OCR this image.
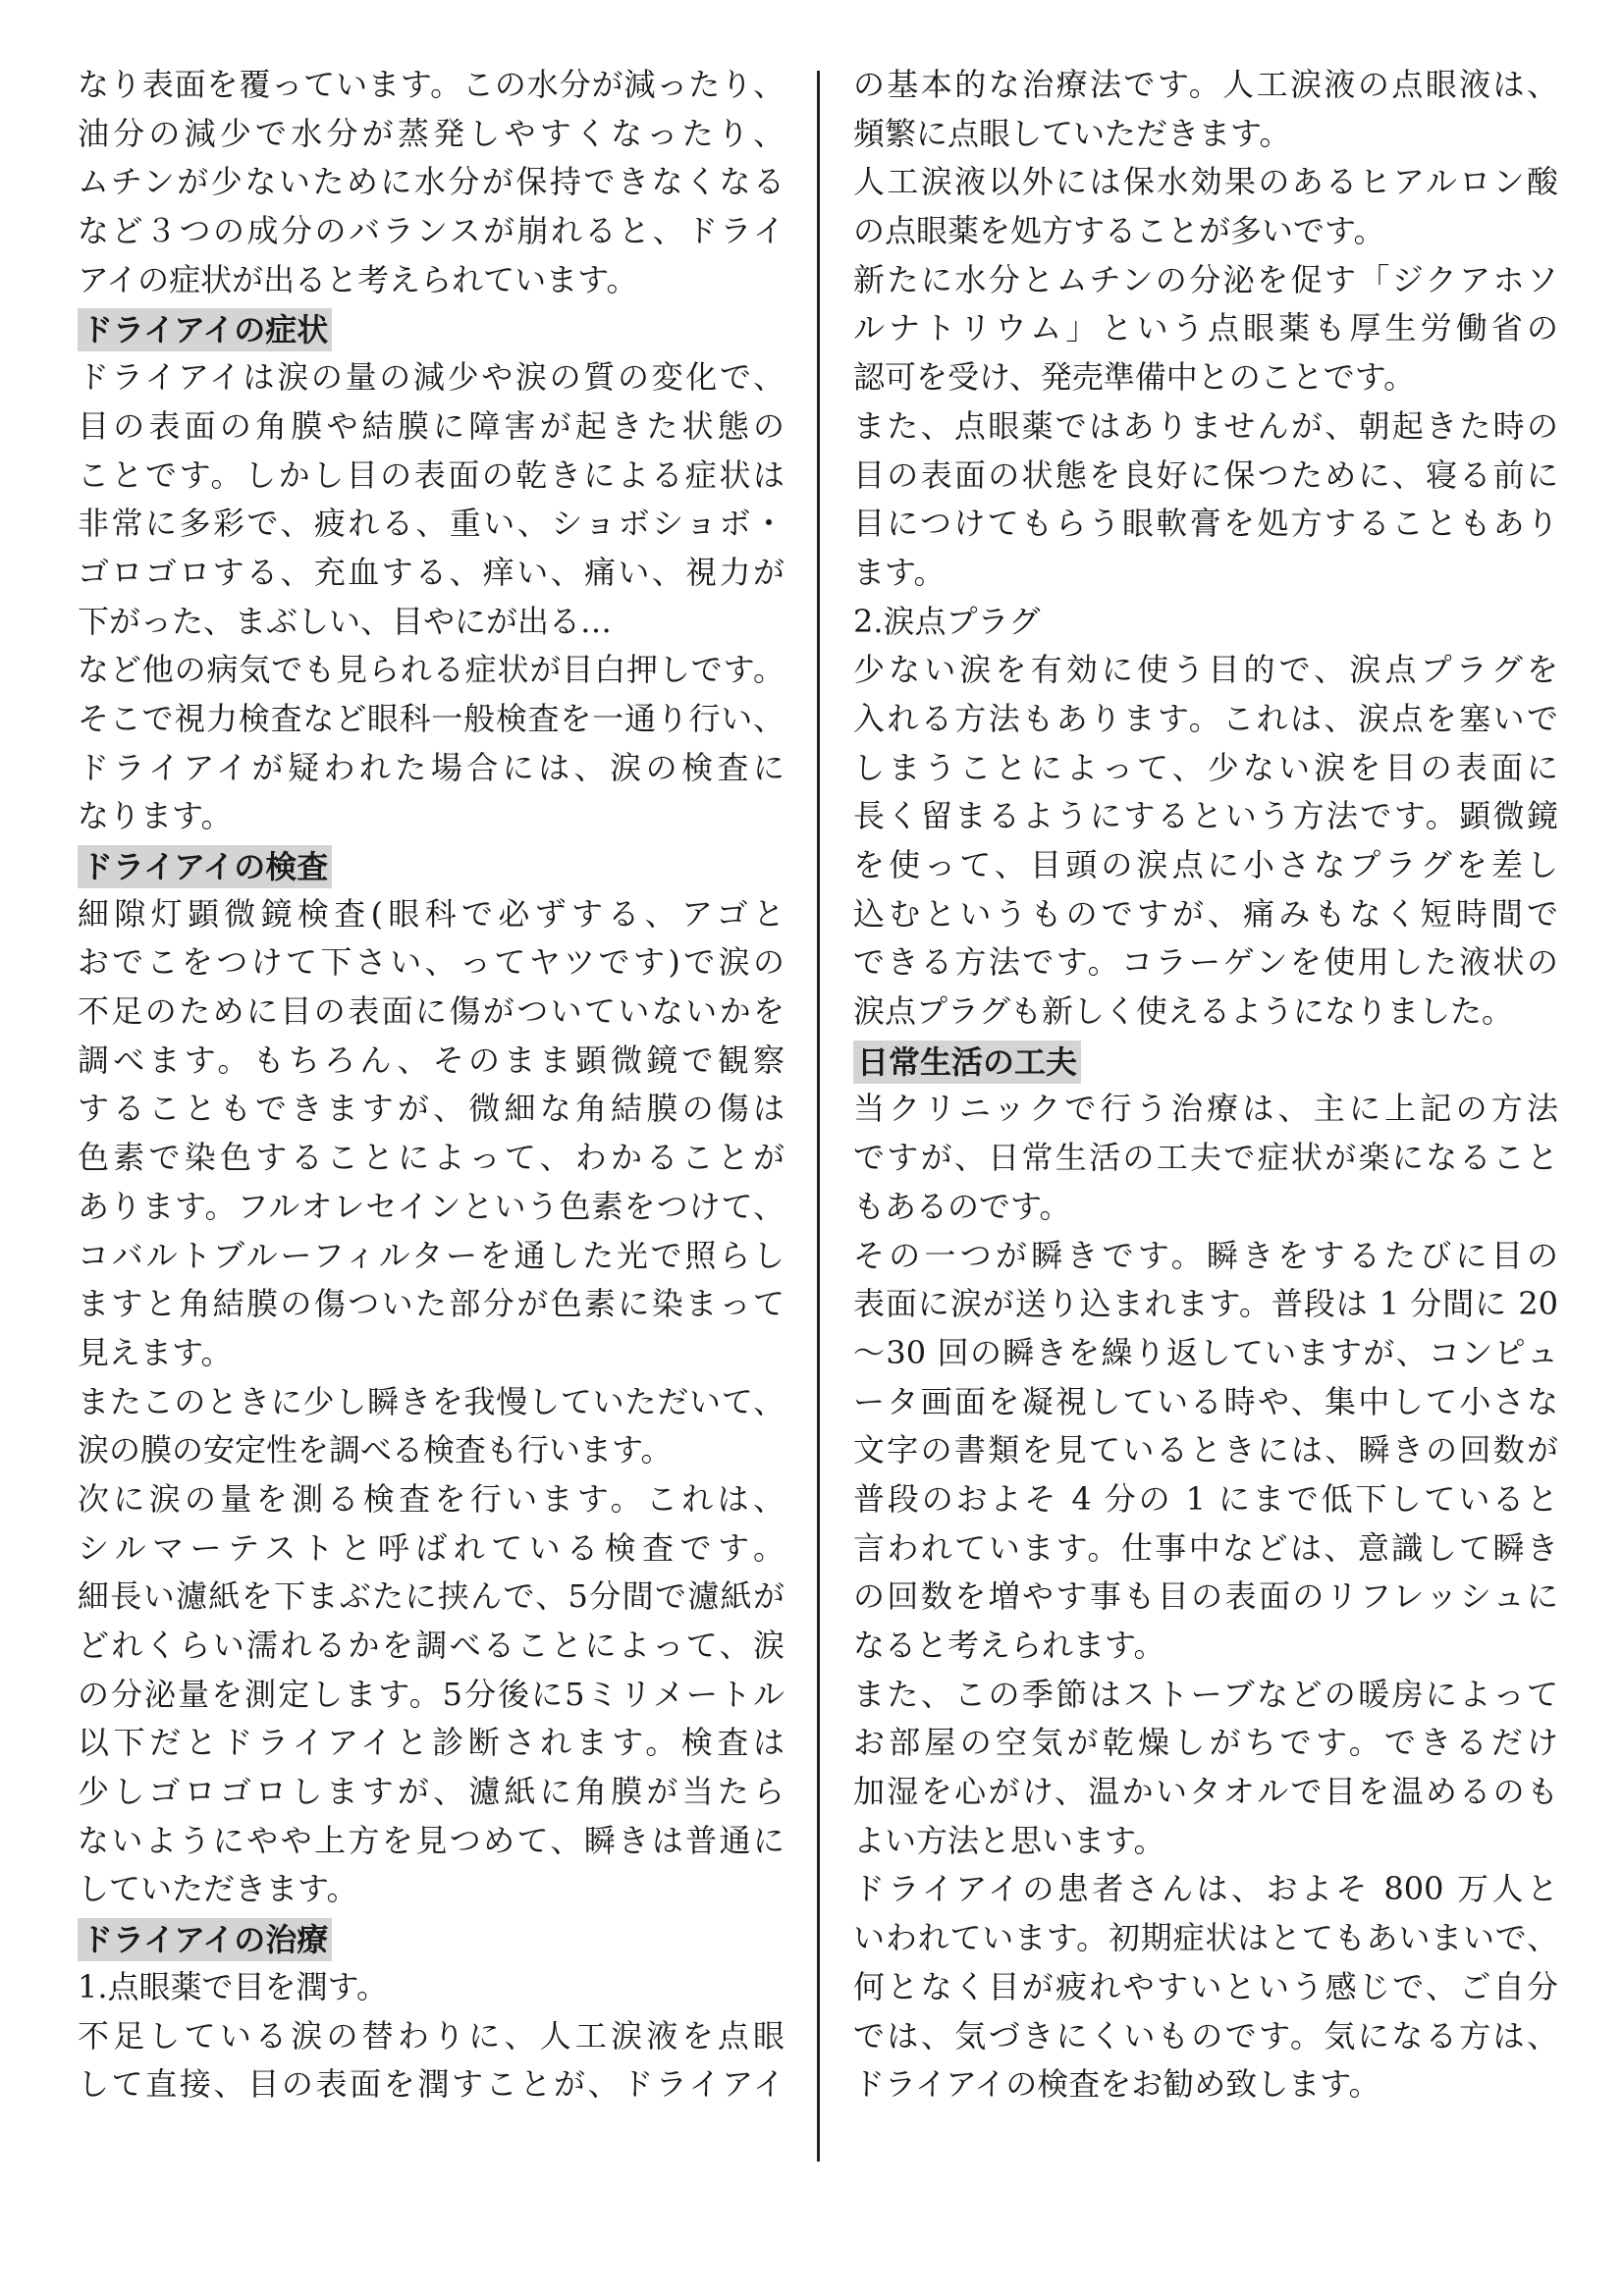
なり表面を覆っています。この水分が減ったり、
油分の減少で水分が蒸発しやすくなったり、
ムチンが少ないために水分が保持できなくなる
など３つの成分のバランスが崩れると、ドライ
アイの症状が出ると考えられています。
ドライアイの症状
ドライアイは涙の量の減少や涙の質の変化で、
目の表面の角膜や結膜に障害が起きた状態の
ことです。しかし目の表面の乾きによる症状は
非常に多彩で、疲れる、重い、ショボショボ・
ゴロゴロする、充血する、痒い、痛い、視力が
下がった、まぶしい、目やにが出る…
など他の病気でも見られる症状が目白押しです。
そこで視力検査など眼科一般検査を一通り行い、
ドライアイが疑われた場合には、涙の検査に
なります。
ドライアイの検査
細隙灯顕微鏡検査(眼科で必ずする、アゴと
おでこをつけて下さい、ってヤツです)で涙の
不足のために目の表面に傷がついていないかを
調べます。もちろん、そのまま顕微鏡で観察
することもできますが、微細な角結膜の傷は
色素で染色することによって、わかることが
あります。フルオレセインという色素をつけて、
コバルトブルーフィルターを通した光で照らし
ますと角結膜の傷ついた部分が色素に染まって
見えます。
またこのときに少し瞬きを我慢していただいて、
涙の膜の安定性を調べる検査も行います。
次に涙の量を測る検査を行います。これは、
シルマーテストと呼ばれている検査です。
細長い濾紙を下まぶたに挟んで、5分間で濾紙が
どれくらい濡れるかを調べることによって、涙
の分泌量を測定します。5分後に5ミリメートル
以下だとドライアイと診断されます。検査は
少しゴロゴロしますが、濾紙に角膜が当たら
ないようにやや上方を見つめて、瞬きは普通に
していただきます。
ドライアイの治療
1.点眼薬で目を潤す。
不足している涙の替わりに、人工涙液を点眼
して直接、目の表面を潤すことが、ドライアイ
の基本的な治療法です。人工涙液の点眼液は、
頻繁に点眼していただきます。
人工涙液以外には保水効果のあるヒアルロン酸
の点眼薬を処方することが多いです。
新たに水分とムチンの分泌を促す「ジクアホソ
ルナトリウム」という点眼薬も厚生労働省の
認可を受け、発売準備中とのことです。
また、点眼薬ではありませんが、朝起きた時の
目の表面の状態を良好に保つために、寝る前に
目につけてもらう眼軟膏を処方することもあり
ます。
2.涙点プラグ
少ない涙を有効に使う目的で、涙点プラグを
入れる方法もあります。これは、涙点を塞いで
しまうことによって、少ない涙を目の表面に
長く留まるようにするという方法です。顕微鏡
を使って、目頭の涙点に小さなプラグを差し
込むというものですが、痛みもなく短時間で
できる方法です。コラーゲンを使用した液状の
涙点プラグも新しく使えるようになりました。
日常生活の工夫
当クリニックで行う治療は、主に上記の方法
ですが、日常生活の工夫で症状が楽になること
もあるのです。
その一つが瞬きです。瞬きをするたびに目の
表面に涙が送り込まれます。普段は 1 分間に 20
～30 回の瞬きを繰り返していますが、コンピュ
ータ画面を凝視している時や、集中して小さな
文字の書類を見ているときには、瞬きの回数が
普段のおよそ 4 分の 1 にまで低下していると
言われています。仕事中などは、意識して瞬き
の回数を増やす事も目の表面のリフレッシュに
なると考えられます。
また、この季節はストーブなどの暖房によって
お部屋の空気が乾燥しがちです。できるだけ
加湿を心がけ、温かいタオルで目を温めるのも
よい方法と思います。
ドライアイの患者さんは、およそ 800 万人と
いわれています。初期症状はとてもあいまいで、
何となく目が疲れやすいという感じで、ご自分
では、気づきにくいものです。気になる方は、
ドライアイの検査をお勧め致します。
